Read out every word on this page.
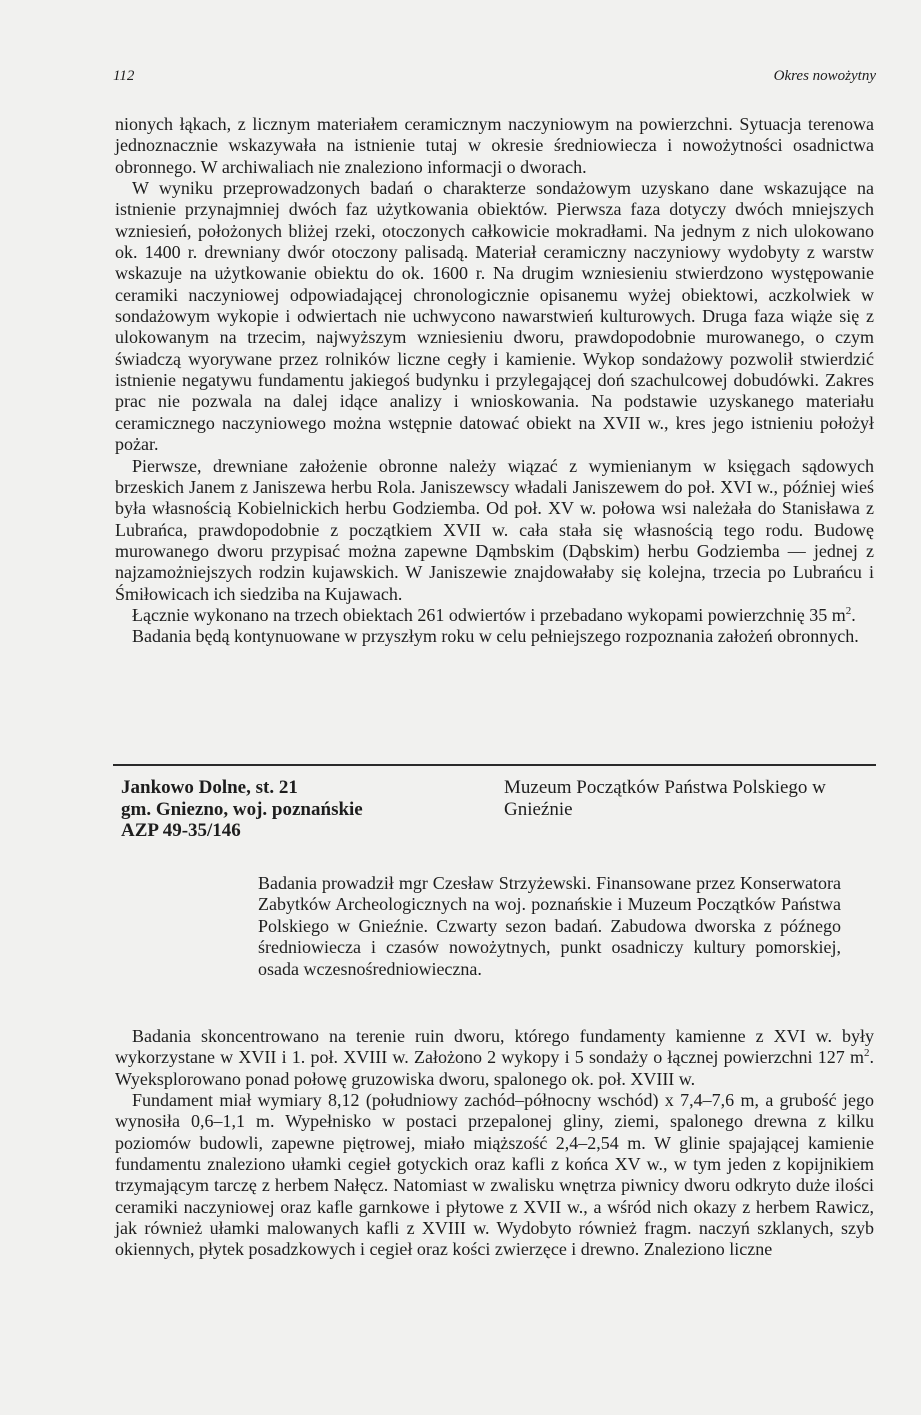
112	Okres nowożytny

nionych łąkach, z licznym materiałem ceramicznym naczyniowym na powierzchni. Sytuacja terenowa jednoznacznie wskazywała na istnienie tutaj w okresie średniowiecza i nowożytności osadnictwa obronnego. W archiwaliach nie znaleziono informacji o dworach.

W wyniku przeprowadzonych badań o charakterze sondażowym uzyskano dane wskazujące na istnienie przynajmniej dwóch faz użytkowania obiektów. Pierwsza faza dotyczy dwóch mniejszych wzniesień, położonych bliżej rzeki, otoczonych całkowicie mokradłami. Na jednym z nich ulokowano ok. 1400 r. drewniany dwór otoczony palisadą. Materiał ceramiczny naczyniowy wydobyty z warstw wskazuje na użytkowanie obiektu do ok. 1600 r. Na drugim wzniesieniu stwierdzono występowanie ceramiki naczyniowej odpowiadającej chronologicznie opisanemu wyżej obiektowi, aczkolwiek w sondażowym wykopie i odwiertach nie uchwycono nawarstwień kulturowych. Druga faza wiąże się z ulokowanym na trzecim, najwyższym wzniesieniu dworu, prawdopodobnie murowanego, o czym świadczą wyorywane przez rolników liczne cegły i kamienie. Wykop sondażowy pozwolił stwierdzić istnienie negatywu fundamentu jakiegoś budynku i przylegającej doń szachulcowej dobudówki. Zakres prac nie pozwala na dalej idące analizy i wnioskowania. Na podstawie uzyskanego materiału ceramicznego naczyniowego można wstępnie datować obiekt na XVII w., kres jego istnieniu położył pożar.

Pierwsze, drewniane założenie obronne należy wiązać z wymienianym w księgach sądowych brzeskich Janem z Janiszewa herbu Rola. Janiszewscy władali Janiszewem do poł. XVI w., później wieś była własnością Kobielnickich herbu Godziemba. Od poł. XV w. połowa wsi należała do Stanisława z Lubrańca, prawdopodobnie z początkiem XVII w. cała stała się własnością tego rodu. Budowę murowanego dworu przypisać można zapewne Dąmbskim (Dąbskim) herbu Godziemba — jednej z najzamożniejszych rodzin kujawskich. W Janiszewie znajdowałaby się kolejna, trzecia po Lubrańcu i Śmiłowicach ich siedziba na Kujawach.

Łącznie wykonano na trzech obiektach 261 odwiertów i przebadano wykopami powierzchnię 35 $m^2$.

Badania będą kontynuowane w przyszłym roku w celu pełniejszego rozpoznania założeń obronnych.

Jankowo Dolne, st. 21
gm. Gniezno, woj. poznańskie
AZP 49-35/146
Muzeum Początków Państwa Polskiego w Gnieźnie
Badania prowadził mgr Czesław Strzyżewski. Finansowane przez Konserwatora Zabytków Archeologicznych na woj. poznańskie i Muzeum Początków Państwa Polskiego w Gnieźnie. Czwarty sezon badań. Zabudowa dworska z późnego średniowiecza i czasów nowożytnych, punkt osadniczy kultury pomorskiej, osada wczesnośredniowieczna.

Badania skoncentrowano na terenie ruin dworu, którego fundamenty kamienne z XVI w. były wykorzystane w XVII i 1. poł. XVIII w. Założono 2 wykopy i 5 sondaży o łącznej powierzchni 127 $m^2$. Wyeksplorowano ponad połowę gruzowiska dworu, spalonego ok. poł. XVIII w.

Fundament miał wymiary 8,12 (południowy zachód–północny wschód) x 7,4–7,6 m, a grubość jego wynosiła 0,6–1,1 m. Wypełnisko w postaci przepalonej gliny, ziemi, spalonego drewna z kilku poziomów budowli, zapewne piętrowej, miało miąższość 2,4–2,54 m. W glinie spajającej kamienie fundamentu znaleziono ułamki cegieł gotyckich oraz kafli z końca XV w., w tym jeden z kopijnikiem trzymającym tarczę z herbem Nałęcz. Natomiast w zwalisku wnętrza piwnicy dworu odkryto duże ilości ceramiki naczyniowej oraz kafle garnkowe i płytowe z XVII w., a wśród nich okazy z herbem Rawicz, jak również ułamki malowanych kafli z XVIII w. Wydobyto również fragm. naczyń szklanych, szyb okiennych, płytek posadzkowych i cegieł oraz kości zwierzęce i drewno. Znaleziono liczne
